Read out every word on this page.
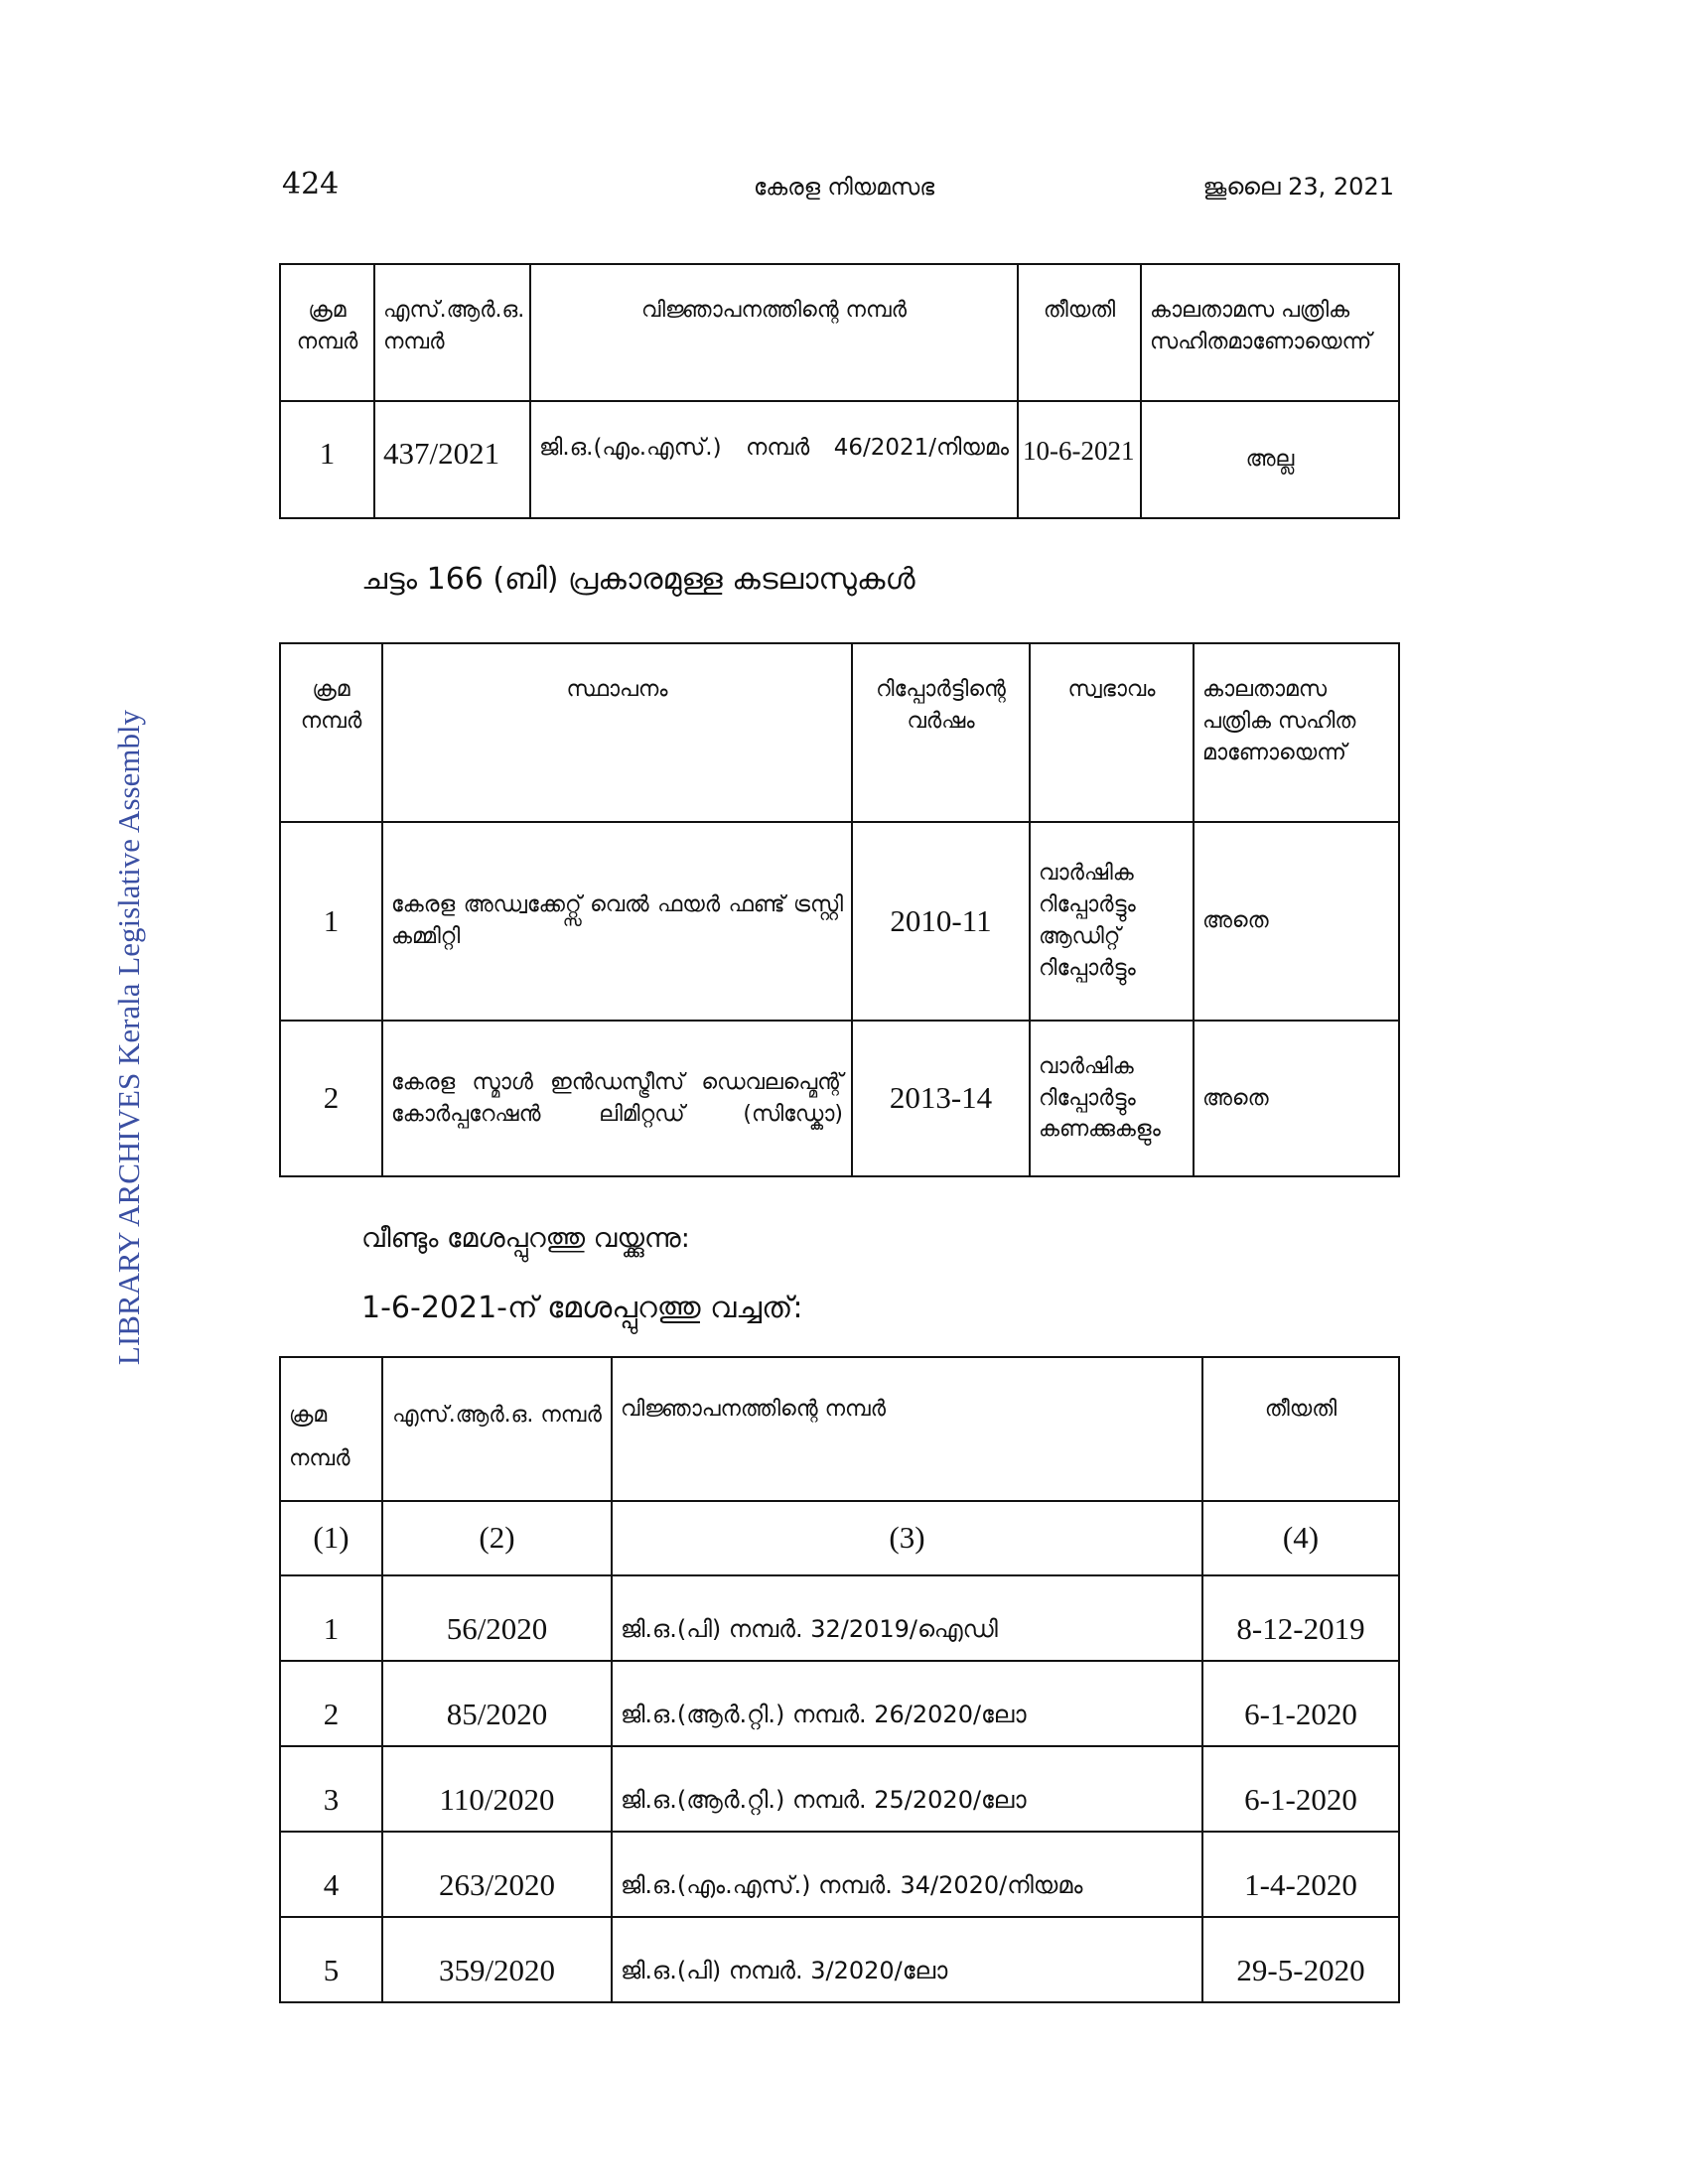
424	കേരള നിയമസഭ	ജൂലൈ 23, 2021
LIBRARY ARCHIVES Kerala Legislative Assembly
ക്രമ നമ്പർ	എസ്.ആർ.ഒ. നമ്പർ	വിജ്ഞാപനത്തിന്റെ നമ്പർ	തീയതി	കാലതാമസ പത്രിക സഹിതമാണോയെന്ന്
1	437/2021	ജി.ഒ.(എം.എസ്.) നമ്പർ 46/2021/നിയമം	10-6-2021	അല്ല
ചട്ടം 166 (ബി) പ്രകാരമുള്ള കടലാസുകൾ
ക്രമ നമ്പർ	സ്ഥാപനം	റിപ്പോർട്ടിന്റെ വർഷം	സ്വഭാവം	കാലതാമസ പത്രിക സഹിത മാണോയെന്ന്
1	കേരള അഡ്വക്കേറ്റ്സ് വെൽ ഫയർ ഫണ്ട് ട്രസ്റ്റി കമ്മിറ്റി	2010-11	വാർഷിക റിപ്പോർട്ടും ആഡിറ്റ് റിപ്പോർട്ടും	അതെ
2	കേരള സ്മാൾ ഇൻഡസ്ട്രീസ് ഡെവലപ്മെന്റ് കോർപ്പറേഷൻ ലിമിറ്റഡ് (സിഡ്കോ)	2013-14	വാർഷിക റിപ്പോർട്ടും കണക്കുകളും	അതെ
വീണ്ടും മേശപ്പുറത്തു വയ്ക്കുന്നു:
1-6-2021-ന് മേശപ്പുറത്തു വച്ചത്:
ക്രമ നമ്പർ	എസ്.ആർ.ഒ. നമ്പർ	വിജ്ഞാപനത്തിന്റെ നമ്പർ	തീയതി
(1)	(2)	(3)	(4)
1	56/2020	ജി.ഒ.(പി) നമ്പർ. 32/2019/ഐഡി	8-12-2019
2	85/2020	ജി.ഒ.(ആർ.റ്റി.) നമ്പർ. 26/2020/ലോ	6-1-2020
3	110/2020	ജി.ഒ.(ആർ.റ്റി.) നമ്പർ. 25/2020/ലോ	6-1-2020
4	263/2020	ജി.ഒ.(എം.എസ്.) നമ്പർ. 34/2020/നിയമം	1-4-2020
5	359/2020	ജി.ഒ.(പി) നമ്പർ. 3/2020/ലോ	29-5-2020
